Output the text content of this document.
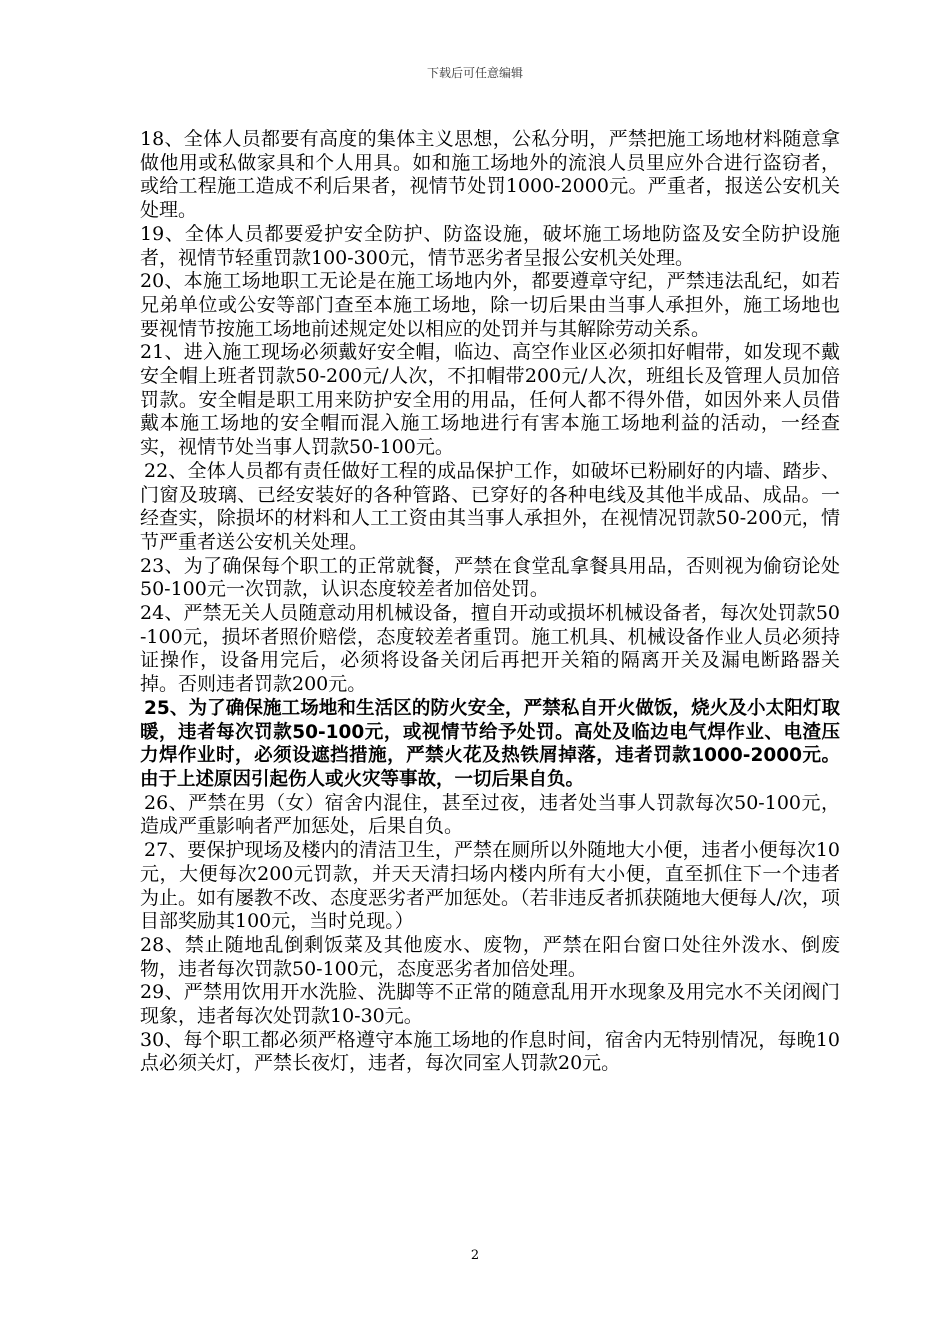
下载后可任意编辑

18、全体人员都要有高度的集体主义思想，公私分明，严禁把施工场地材料随意拿做他用或私做家具和个人用具。如和施工场地外的流浪人员里应外合进行盗窃者，或给工程施工造成不利后果者，视情节处罚1000-2000元。严重者，报送公安机关处理。

19、全体人员都要爱护安全防护、防盗设施，破坏施工场地防盗及安全防护设施者，视情节轻重罚款100-300元，情节恶劣者呈报公安机关处理。

20、本施工场地职工无论是在施工场地内外，都要遵章守纪，严禁违法乱纪，如若兄弟单位或公安等部门查至本施工场地，除一切后果由当事人承担外，施工场地也要视情节按施工场地前述规定处以相应的处罚并与其解除劳动关系。

21、进入施工现场必须戴好安全帽，临边、高空作业区必须扣好帽带，如发现不戴安全帽上班者罚款50-200元/人次，不扣帽带200元/人次，班组长及管理人员加倍罚款。安全帽是职工用来防护安全用的用品，任何人都不得外借，如因外来人员借戴本施工场地的安全帽而混入施工场地进行有害本施工场地利益的活动，一经查实，视情节处当事人罚款50-100元。

22、全体人员都有责任做好工程的成品保护工作，如破坏已粉刷好的内墙、踏步、门窗及玻璃、已经安装好的各种管路、已穿好的各种电线及其他半成品、成品。一经查实，除损坏的材料和人工工资由其当事人承担外，在视情况罚款50-200元，情节严重者送公安机关处理。

23、为了确保每个职工的正常就餐，严禁在食堂乱拿餐具用品，否则视为偷窃论处50-100元一次罚款，认识态度较差者加倍处罚。

24、严禁无关人员随意动用机械设备，擅自开动或损坏机械设备者，每次处罚款50-100元，损坏者照价赔偿，态度较差者重罚。施工机具、机械设备作业人员必须持证操作，设备用完后，必须将设备关闭后再把开关箱的隔离开关及漏电断路器关掉。否则违者罚款200元。

25、为了确保施工场地和生活区的防火安全，严禁私自开火做饭，烧火及小太阳灯取暖，违者每次罚款50-100元，或视情节给予处罚。高处及临边电气焊作业、电渣压力焊作业时，必须设遮挡措施，严禁火花及热铁屑掉落，违者罚款1000-2000元。由于上述原因引起伤人或火灾等事故，一切后果自负。

26、严禁在男（女）宿舍内混住，甚至过夜，违者处当事人罚款每次50-100元，造成严重影响者严加惩处，后果自负。

27、要保护现场及楼内的清洁卫生，严禁在厕所以外随地大小便，违者小便每次10元，大便每次200元罚款，并天天清扫场内楼内所有大小便，直至抓住下一个违者为止。如有屡教不改、态度恶劣者严加惩处。（若非违反者抓获随地大便每人/次，项目部奖励其100元，当时兑现。）

28、禁止随地乱倒剩饭菜及其他废水、废物，严禁在阳台窗口处往外泼水、倒废物，违者每次罚款50-100元，态度恶劣者加倍处理。

29、严禁用饮用开水洗脸、洗脚等不正常的随意乱用开水现象及用完水不关闭阀门现象，违者每次处罚款10-30元。

30、每个职工都必须严格遵守本施工场地的作息时间，宿舍内无特别情况，每晚10点必须关灯，严禁长夜灯，违者，每次同室人罚款20元。

2
